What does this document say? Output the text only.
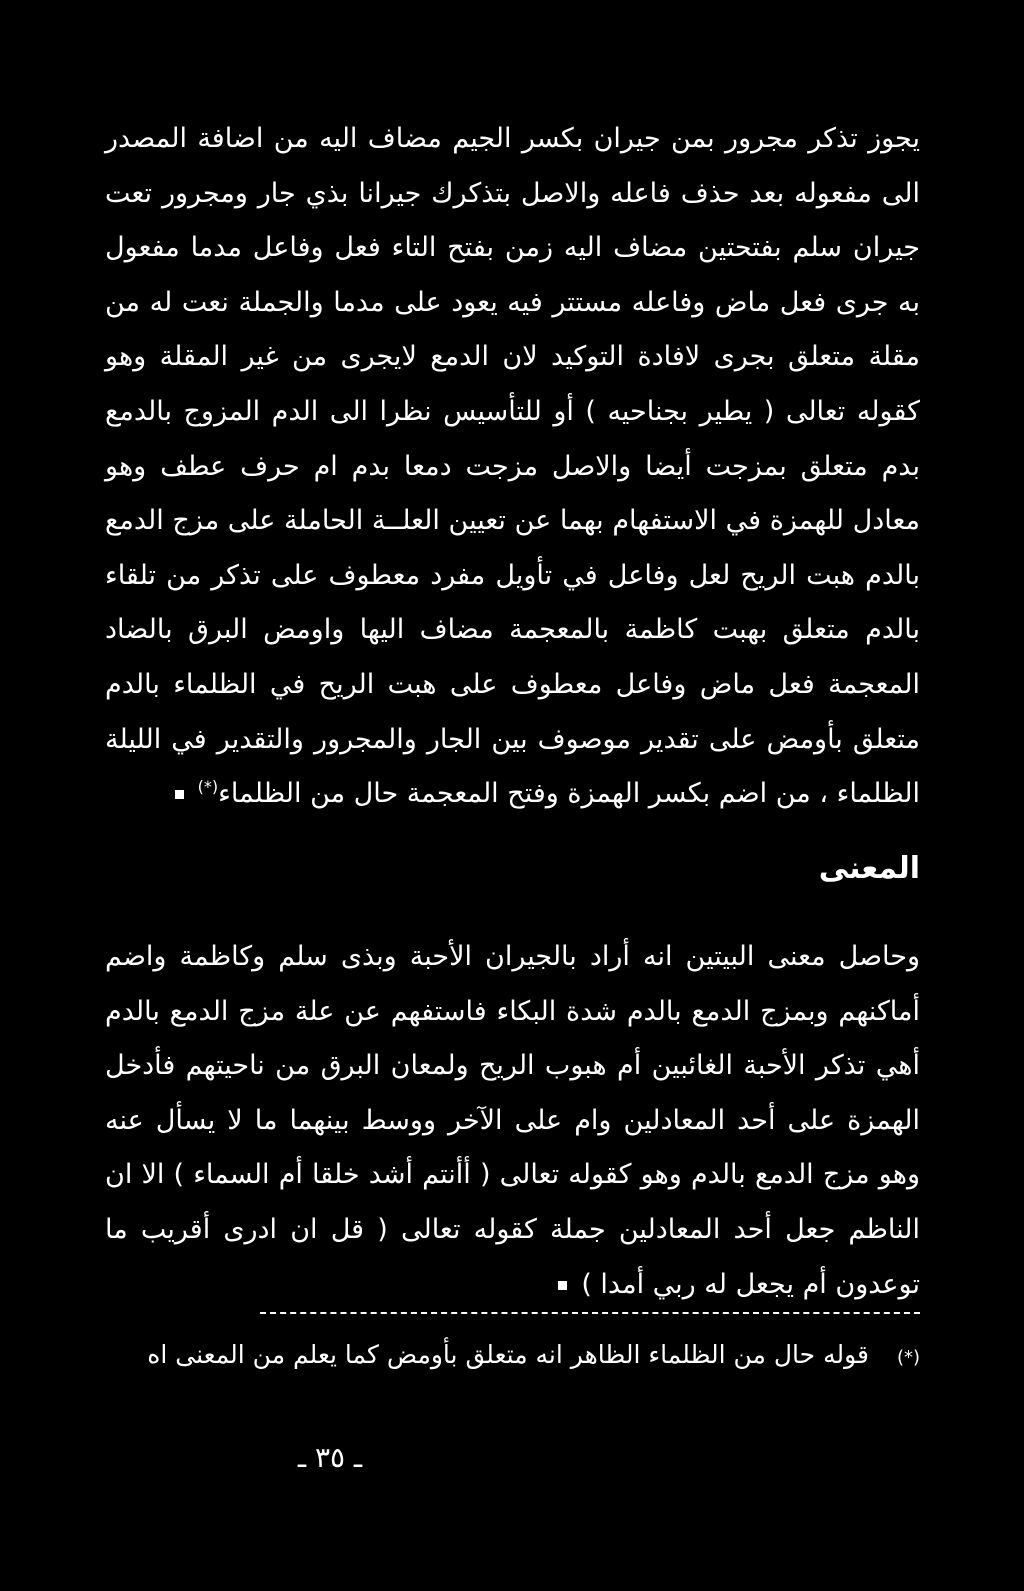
يجوز تذكر مجرور بمن جيران بكسر الجيم مضاف اليه من اضافة المصدر الى مفعوله بعد حذف فاعله والاصل بتذكرك جيرانا بذي جار ومجرور تعت جيران سلم بفتحتين مضاف اليه زمن بفتح التاء فعل وفاعل مدما مفعول به جرى فعل ماض وفاعله مستتر فيه يعود على مدما والجملة نعت له من مقلة متعلق بجرى لافادة التوكيد لان الدمع لايجرى من غير المقلة وهو كقوله تعالى ( يطير بجناحيه ) أو للتأسيس نظرا الى الدم المزوج بالدمع بدم متعلق بمزجت أيضا والاصل مزجت دمعا بدم ام حرف عطف وهو معادل للهمزة في الاستفهام بهما عن تعيين العلــة الحاملة على مزج الدمع بالدم هبت الريح لعل وفاعل في تأويل مفرد معطوف على تذكر من تلقاء بالدم متعلق بهبت كاظمة بالمعجمة مضاف اليها واومض البرق بالضاد المعجمة فعل ماض وفاعل معطوف على هبت الريح في الظلماء بالدم متعلق بأومض على تقدير موصوف بين الجار والمجرور والتقدير في الليلة الظلماء ، من اضم بكسر الهمزة وفتح المعجمة حال من الظلماء(*)

المعنى

وحاصل معنى البيتين انه أراد بالجيران الأحبة وبذى سلم وكاظمة واضم أماكنهم وبمزج الدمع بالدم شدة البكاء فاستفهم عن علة مزج الدمع بالدم أهي تذكر الأحبة الغائبين أم هبوب الريح ولمعان البرق من ناحيتهم فأدخل الهمزة على أحد المعادلين وام على الآخر ووسط بينهما ما لا يسأل عنه وهو مزج الدمع بالدم وهو كقوله تعالى ( أأنتم أشد خلقا أم السماء ) الا ان الناظم جعل أحد المعادلين جملة كقوله تعالى ( قل ان ادرى أقريب ما توعدون أم يجعل له ربي أمدا )

(*)قوله حال من الظلماء الظاهر انه متعلق بأومض كما يعلم من المعنى اه

ـ ٣٥ ـ
